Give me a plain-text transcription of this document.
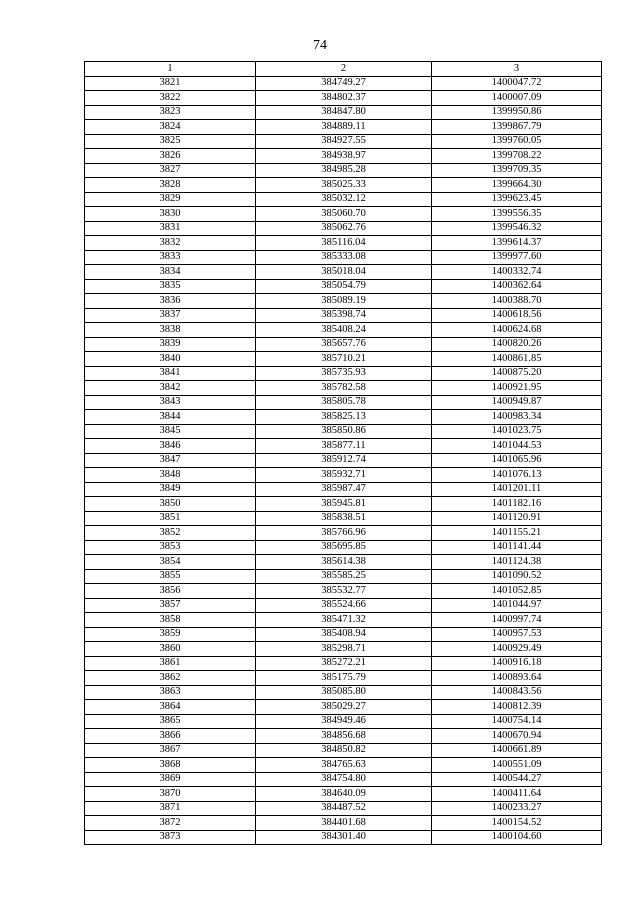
74
1	2	3
3821	384749.27	1400047.72
3822	384802.37	1400007.09
3823	384847.80	1399950.86
3824	384889.11	1399867.79
3825	384927.55	1399760.05
3826	384938.97	1399708.22
3827	384985.28	1399709.35
3828	385025.33	1399664.30
3829	385032.12	1399623.45
3830	385060.70	1399556.35
3831	385062.76	1399546.32
3832	385116.04	1399614.37
3833	385333.08	1399977.60
3834	385018.04	1400332.74
3835	385054.79	1400362.64
3836	385089.19	1400388.70
3837	385398.74	1400618.56
3838	385408.24	1400624.68
3839	385657.76	1400820.26
3840	385710.21	1400861.85
3841	385735.93	1400875.20
3842	385782.58	1400921.95
3843	385805.78	1400949.87
3844	385825.13	1400983.34
3845	385850.86	1401023.75
3846	385877.11	1401044.53
3847	385912.74	1401065.96
3848	385932.71	1401076.13
3849	385987.47	1401201.11
3850	385945.81	1401182.16
3851	385838.51	1401120.91
3852	385766.96	1401155.21
3853	385695.85	1401141.44
3854	385614.38	1401124.38
3855	385585.25	1401090.52
3856	385532.77	1401052.85
3857	385524.66	1401044.97
3858	385471.32	1400997.74
3859	385408.94	1400957.53
3860	385298.71	1400929.49
3861	385272.21	1400916.18
3862	385175.79	1400893.64
3863	385085.80	1400843.56
3864	385029.27	1400812.39
3865	384949.46	1400754.14
3866	384856.68	1400670.94
3867	384850.82	1400661.89
3868	384765.63	1400551.09
3869	384754.80	1400544.27
3870	384640.09	1400411.64
3871	384487.52	1400233.27
3872	384401.68	1400154.52
3873	384301.40	1400104.60
